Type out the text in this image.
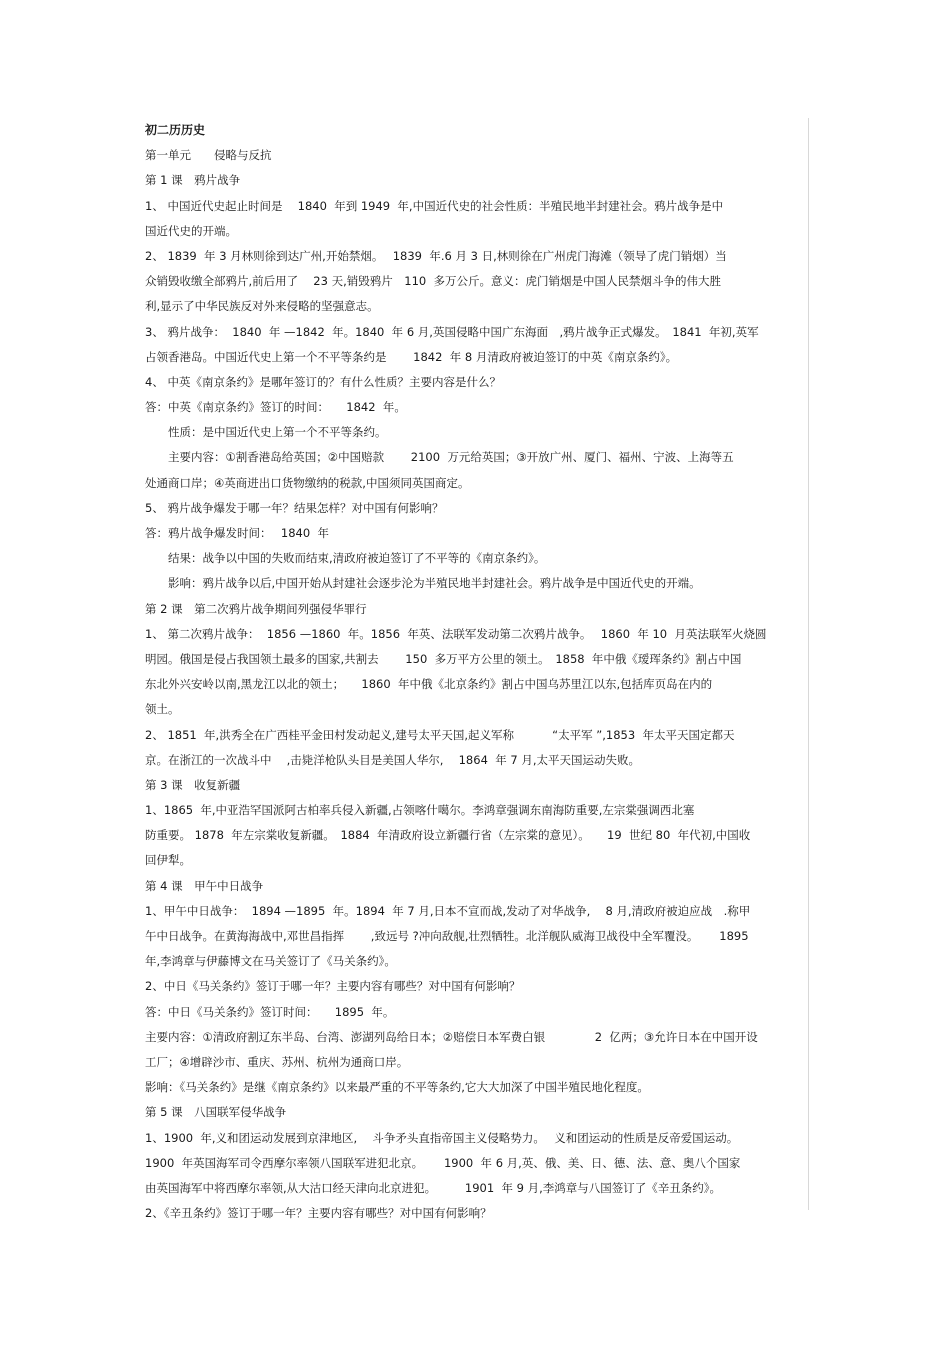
初二历历史
第一单元　　侵略与反抗
第 1 课　鸦片战争
1、 中国近代史起止时间是　 1840  年到 1949  年,中国近代史的社会性质：半殖民地半封建社会。鸦片战争是中
国近代史的开端。
2、 1839  年 3 月林则徐到达广州,开始禁烟。　 1839  年.6 月 3 日,林则徐在广州虎门海滩（领导了虎门销烟）当
众销毁收缴全部鸦片,前后用了　 23 天,销毁鸦片　110  多万公斤。意义：虎门销烟是中国人民禁烟斗争的伟大胜
利,显示了中华民族反对外来侵略的坚强意志。
3、 鸦片战争：  1840  年 —1842  年。1840  年 6 月,英国侵略中国广东海面　,鸦片战争正式爆发。　1841  年初,英军
占领香港岛。中国近代史上第一个不平等条约是　　 1842  年 8 月清政府被迫签订的中英《南京条约》。
4、 中英《南京条约》是哪年签订的？有什么性质？主要内容是什么？
答：中英《南京条约》签订的时间：　　1842  年。
　　性质：是中国近代史上第一个不平等条约。
　　主要内容：①割香港岛给英国；②中国赔款　　 2100  万元给英国；③开放广州、厦门、福州、宁波、上海等五
处通商口岸；④英商进出口货物缴纳的税款,中国须同英国商定。
5、 鸦片战争爆发于哪一年？结果怎样？对中国有何影响？
答：鸦片战争爆发时间：　 1840  年
　　结果：战争以中国的失败而结束,清政府被迫签订了不平等的《南京条约》。
　　影响：鸦片战争以后,中国开始从封建社会逐步沦为半殖民地半封建社会。鸦片战争是中国近代史的开端。
第 2 课　第二次鸦片战争期间列强侵华罪行
1、 第二次鸦片战争：  1856 —1860  年。1856  年英、法联军发动第二次鸦片战争。　 1860  年 10  月英法联军火烧圆
明园。俄国是侵占我国领土最多的国家,共割去　　 150  多万平方公里的领土。　1858  年中俄《瑷珲条约》割占中国
东北外兴安岭以南,黑龙江以北的领土；　　1860  年中俄《北京条约》割占中国乌苏里江以东,包括库页岛在内的
领土。
2、 1851  年,洪秀全在广西桂平金田村发动起义,建号太平天国,起义军称　　　 “太平军 ”,1853  年太平天国定都天
京。在浙江的一次战斗中　 ,击毙洋枪队头目是美国人华尔,　 1864  年 7 月,太平天国运动失败。
第 3 课　收复新疆
1、1865  年,中亚浩罕国派阿古柏率兵侵入新疆,占领喀什噶尔。李鸿章强调东南海防重要,左宗棠强调西北塞
防重要。 1878  年左宗棠收复新疆。　1884  年清政府设立新疆行省（左宗棠的意见）。　　19  世纪 80  年代初,中国收
回伊犁。
第 4 课　甲午中日战争
1、甲午中日战争：  1894 —1895  年。1894  年 7 月,日本不宣而战,发动了对华战争,　 8 月,清政府被迫应战　.称甲
午中日战争。在黄海海战中,邓世昌指挥　　 ,致远号 ?冲向敌舰,壮烈牺牲。北洋舰队威海卫战役中全军覆没。　　 1895
年,李鸿章与伊藤博文在马关签订了《马关条约》。
2、中日《马关条约》签订于哪一年？主要内容有哪些？对中国有何影响？
答：中日《马关条约》签订时间：　　1895  年。
主要内容：①清政府割辽东半岛、台湾、澎湖列岛给日本；②赔偿日本军费白银　　　　 2  亿两；③允许日本在中国开设
工厂；④增辟沙市、重庆、苏州、杭州为通商口岸。
影响：《马关条约》是继《南京条约》以来最严重的不平等条约,它大大加深了中国半殖民地化程度。
第 5 课　八国联军侵华战争
1、1900  年,义和团运动发展到京津地区,　 斗争矛头直指帝国主义侵略势力。　 义和团运动的性质是反帝爱国运动。
1900  年英国海军司令西摩尔率领八国联军进犯北京。　　 1900  年 6 月,英、俄、美、日、德、法、意、奥八个国家
由英国海军中将西摩尔率领,从大沽口经天津向北京进犯。　　　1901  年 9 月,李鸿章与八国签订了《辛丑条约》。
2、《辛丑条约》签订于哪一年？主要内容有哪些？对中国有何影响？
